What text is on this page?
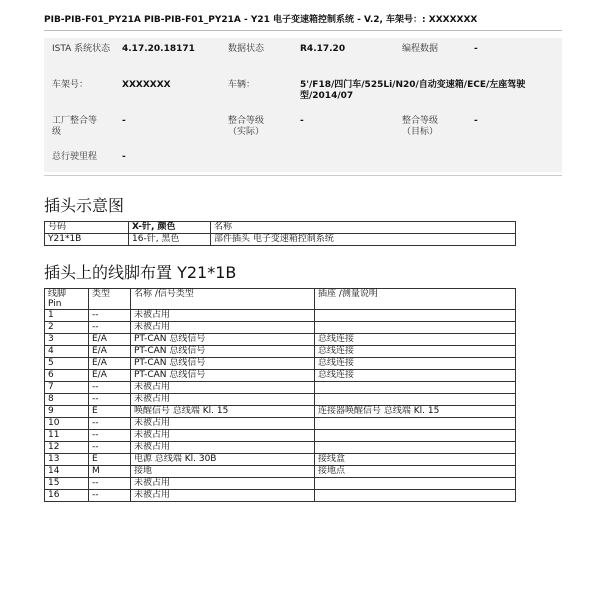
PIB-PIB-F01_PY21A PIB-PIB-F01_PY21A - Y21 电子变速箱控制系统 - V.2, 车架号：: XXXXXXX
ISTA 系统状态 4.17.20.18171	数据状态	R4.17.20	编程数据	-
车架号：	XXXXXXX	车辆：	5'/F18/四门车/525Li/N20/自动变速箱/ECE/左座驾驶
型/2014/07
工厂整合等
级
-	整合等级
（实际）
-	整合等级
（目标）
-
总行驶里程	-
插头示意图
号码	X-针, 颜色	名称
Y21*1B	16-针, 黑色	部件插头 电子变速箱控制系统
插头上的线脚布置 Y21*1B
线脚
Pin	类型	名称 /信号类型	插座 /测量说明
1	--	未被占用	
2	--	未被占用	
3	E/A	PT-CAN 总线信号	总线连接
4	E/A	PT-CAN 总线信号	总线连接
5	E/A	PT-CAN 总线信号	总线连接
6	E/A	PT-CAN 总线信号	总线连接
7	--	未被占用	
8	--	未被占用	
9	E	唤醒信号 总线端 Kl. 15	连接器唤醒信号 总线端 Kl. 15
10	--	未被占用	
11	--	未被占用	
12	--	未被占用	
13	E	电源 总线端 Kl. 30B	接线盒
14	M	接地	接地点
15	--	未被占用	
16	--	未被占用	
